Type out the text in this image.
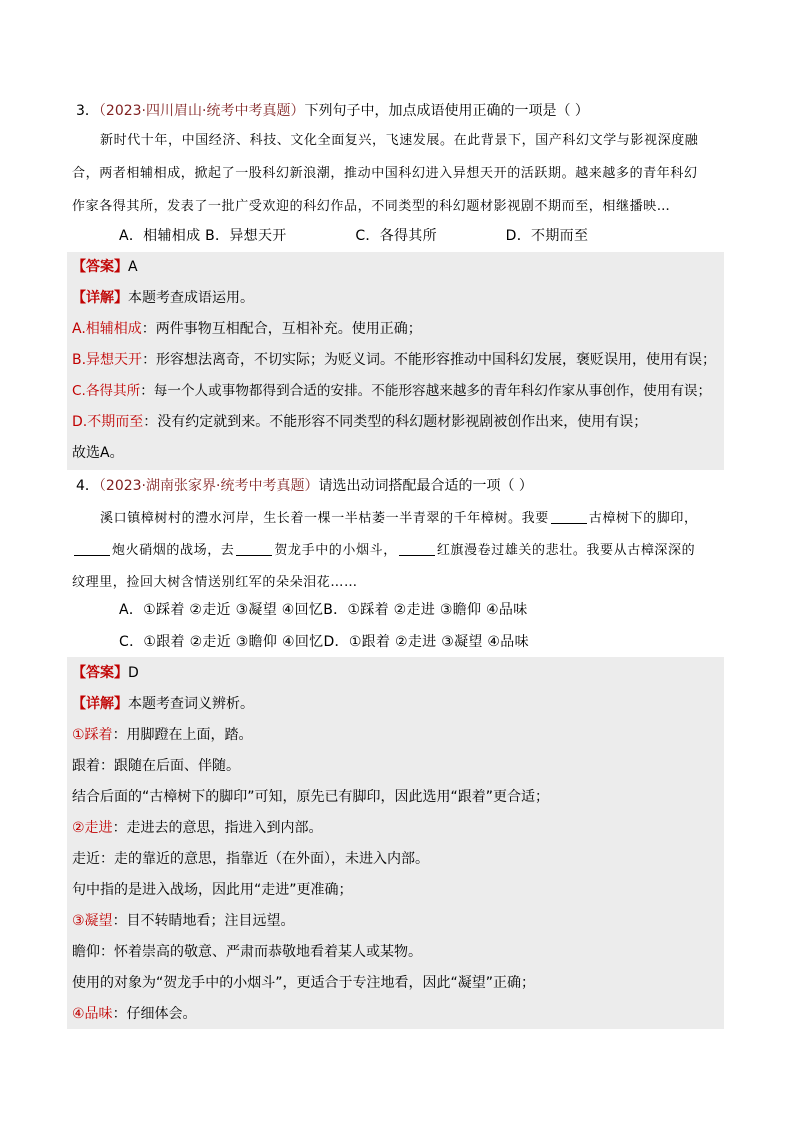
3．（2023·四川眉山·统考中考真题）下列句子中，加点成语使用正确的一项是（ ）
新时代十年，中国经济、科技、文化全面复兴，飞速发展。在此背景下，国产科幻文学与影视深度融
合，两者相辅相成，掀起了一股科幻新浪潮，推动中国科幻进入异想天开的活跃期。越来越多的青年科幻
作家各得其所，发表了一批广受欢迎的科幻作品，不同类型的科幻题材影视剧不期而至，相继播映…
A．相辅相成 B．异想天开	C．各得其所	D．不期而至
【答案】A
【详解】本题考查成语运用。
A.相辅相成：两件事物互相配合，互相补充。使用正确；
B.异想天开：形容想法离奇，不切实际；为贬义词。不能形容推动中国科幻发展，褒贬误用，使用有误；
C.各得其所：每一个人或事物都得到合适的安排。不能形容越来越多的青年科幻作家从事创作，使用有误；
D.不期而至：没有约定就到来。不能形容不同类型的科幻题材影视剧被创作出来，使用有误；
故选A。
4．（2023·湖南张家界·统考中考真题）请选出动词搭配最合适的一项（ ）
溪口镇樟树村的澧水河岸，生长着一棵一半枯萎一半青翠的千年樟树。我要	古樟树下的脚印，
炮火硝烟的战场，去	贺龙手中的小烟斗，	红旗漫卷过雄关的悲壮。我要从古樟深深的
纹理里，捡回大树含情送别红军的朵朵泪花……
A．①踩着 ②走近 ③凝望 ④回忆B．①踩着 ②走进 ③瞻仰 ④品味
C．①跟着 ②走近 ③瞻仰 ④回忆D．①跟着 ②走进 ③凝望 ④品味
【答案】D
【详解】本题考查词义辨析。
①踩着：用脚蹬在上面，踏。
跟着：跟随在后面、伴随。
结合后面的“古樟树下的脚印”可知，原先已有脚印，因此选用“跟着”更合适；
②走进：走进去的意思，指进入到内部。
走近：走的靠近的意思，指靠近（在外面），未进入内部。
句中指的是进入战场，因此用“走进”更准确；
③凝望：目不转睛地看；注目远望。
瞻仰：怀着崇高的敬意、严肃而恭敬地看着某人或某物。
使用的对象为“贺龙手中的小烟斗”，更适合于专注地看，因此“凝望”正确；
④品味：仔细体会。
